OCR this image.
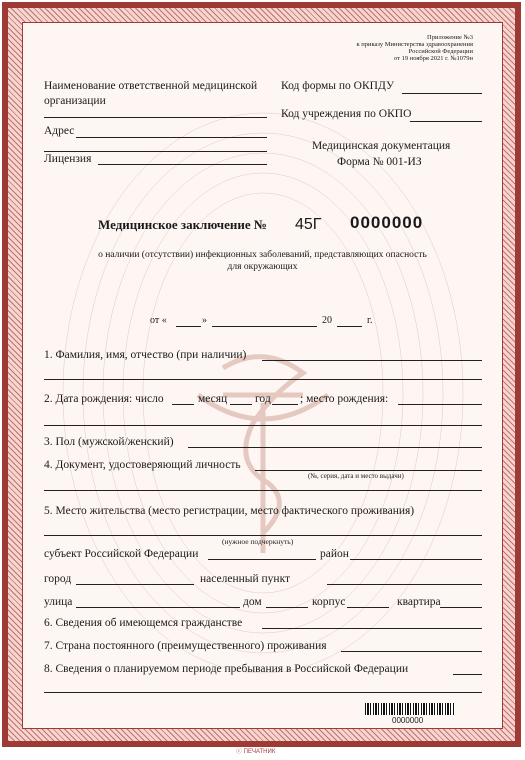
Приложение №3
к приказу Министерства здравоохранения
Российской Федерации
от 19 ноября 2021 г. №1079н
Наименование ответственной медицинской
организации
Адрес
Лицензия
Код формы по ОКПДУ
Код учреждения по ОКПО
Медицинская документация
Форма № 001-ИЗ
Медицинское заключение № 45Г 0000000
о наличии (отсутствии) инфекционных заболеваний, представляющих опасность
для окружающих
от «	»	20	г.
1. Фамилия, имя, отчество (при наличии)
2. Дата рождения: число	месяц год	; место рождения:
3. Пол (мужской/женский)
4. Документ, удостоверяющий личность
(№, серия, дата и место выдачи)
5. Место жительства (место регистрации, место фактического проживания)
(нужное подчеркнуть)
субъект Российской Федерации	район
город	населенный пункт
улица	дом	корпус	квартира
6. Сведения об имеющемся гражданстве
7. Страна постоянного (преимущественного) проживания
8. Сведения о планируемом периоде пребывания в Российской Федерации
0000000
ⓒ ПЕЧАТНИК
